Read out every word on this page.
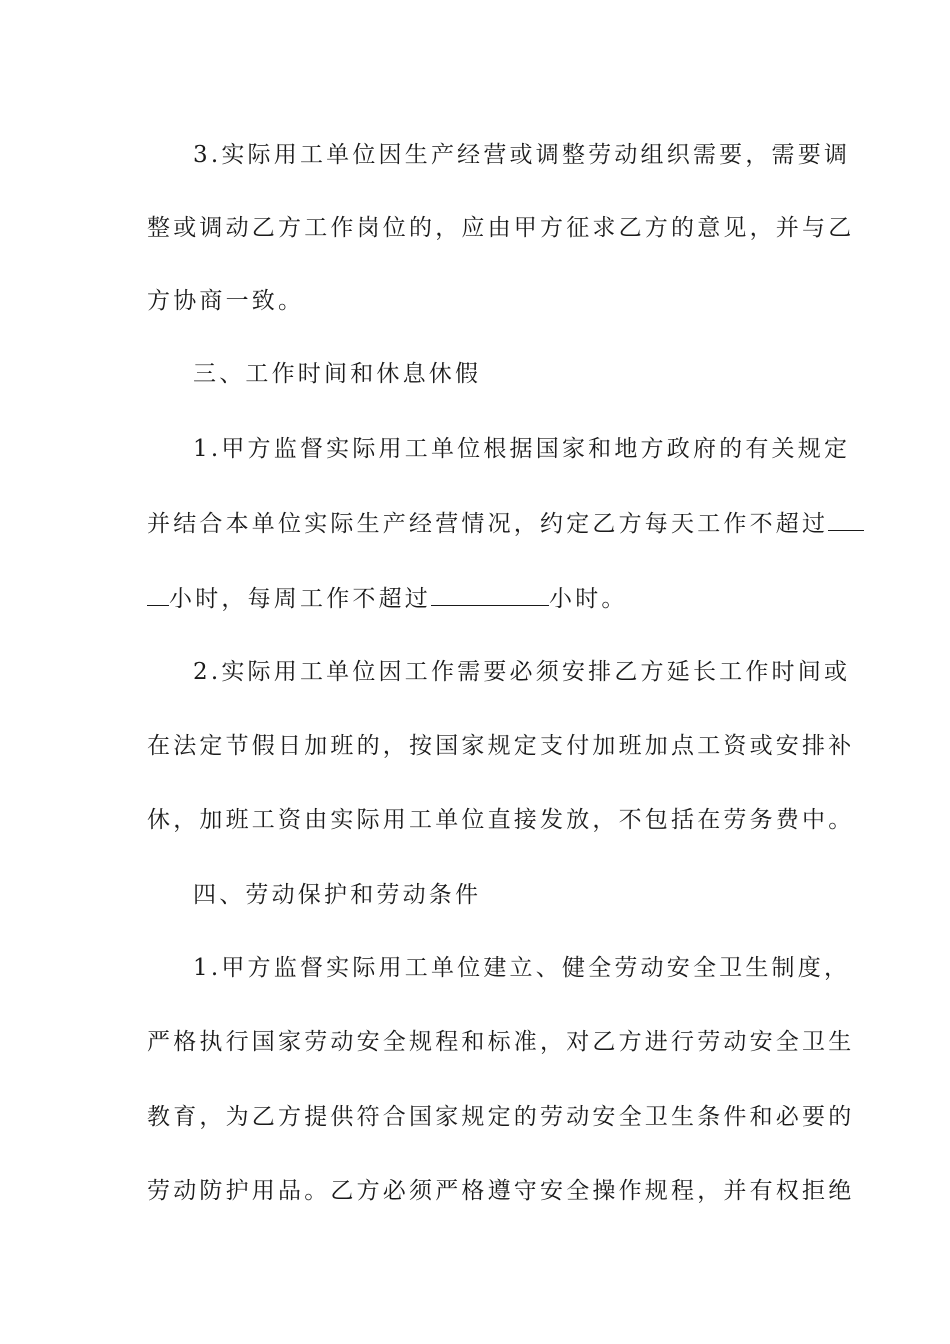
3.实际用工单位因生产经营或调整劳动组织需要，需要调
整或调动乙方工作岗位的，应由甲方征求乙方的意见，并与乙
方协商一致。
三、工作时间和休息休假
1.甲方监督实际用工单位根据国家和地方政府的有关规定
并结合本单位实际生产经营情况，约定乙方每天工作不超过
小时，每周工作不超过	小时。
2.实际用工单位因工作需要必须安排乙方延长工作时间或
在法定节假日加班的，按国家规定支付加班加点工资或安排补
休，加班工资由实际用工单位直接发放，不包括在劳务费中。
四、劳动保护和劳动条件
1.甲方监督实际用工单位建立、健全劳动安全卫生制度，
严格执行国家劳动安全规程和标准，对乙方进行劳动安全卫生
教育，为乙方提供符合国家规定的劳动安全卫生条件和必要的
劳动防护用品。乙方必须严格遵守安全操作规程，并有权拒绝
